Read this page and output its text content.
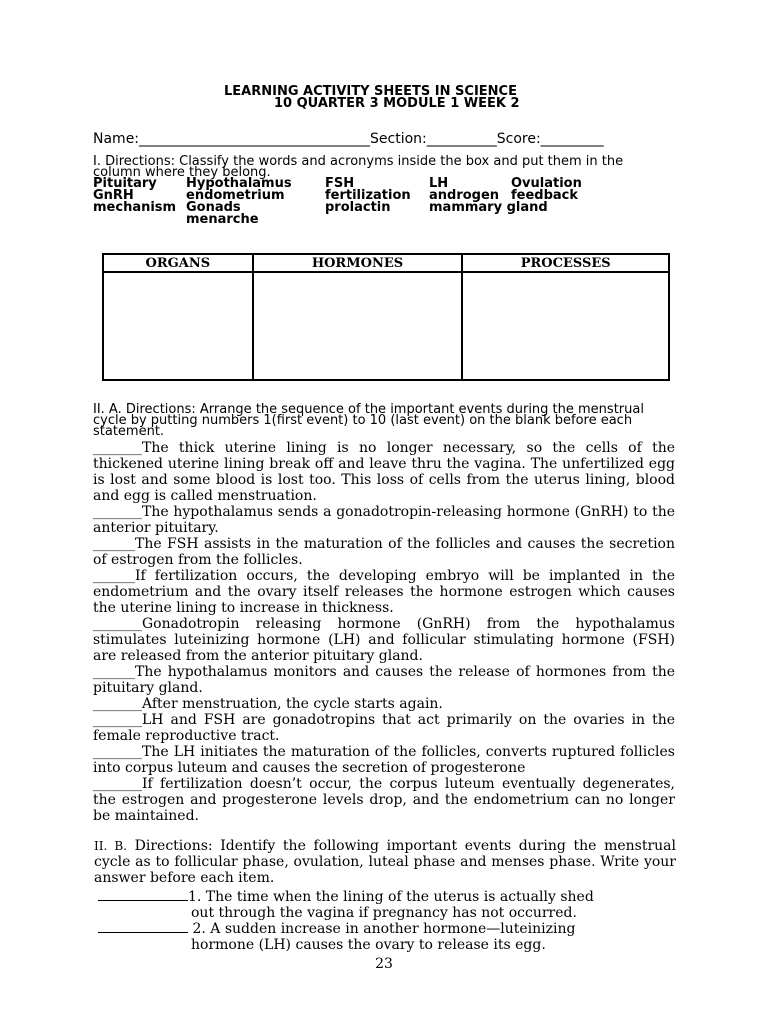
LEARNING ACTIVITY SHEETS IN SCIENCE
10 QUARTER 3 MODULE 1 WEEK 2
Name:_________________________________Section:__________Score:_________
I. Directions: Classify the words and acronyms inside the box and put them in the column where they belong.
Pituitary Hypothalamus	FSH	LH	Ovulation
GnRH	endometrium	fertilization androgen feedback
mechanism Gonads	prolactin	mammary gland
menarche
ORGANS	HORMONES	PROCESSES

II. A. Directions: Arrange the sequence of the important events during the menstrual cycle by putting numbers 1(first event) to 10 (last event) on the blank before each statement.

_______The thick uterine lining is no longer necessary, so the cells of the thickened uterine lining break off and leave thru the vagina. The unfertilized egg is lost and some blood is lost too. This loss of cells from the uterus lining, blood and egg is called menstruation.

_______The hypothalamus sends a gonadotropin-releasing hormone (GnRH) to the anterior pituitary.

______The FSH assists in the maturation of the follicles and causes the secretion of estrogen from the follicles.

______If fertilization occurs, the developing embryo will be implanted in the endometrium and the ovary itself releases the hormone estrogen which causes the uterine lining to increase in thickness.

_______Gonadotropin releasing hormone (GnRH) from the hypothalamus stimulates luteinizing hormone (LH) and follicular stimulating hormone (FSH) are released from the anterior pituitary gland.

______The hypothalamus monitors and causes the release of hormones from the pituitary gland.

_______After menstruation, the cycle starts again.

_______LH and FSH are gonadotropins that act primarily on the ovaries in the female reproductive tract.

_______The LH initiates the maturation of the follicles, converts ruptured follicles into corpus luteum and causes the secretion of progesterone

_______If fertilization doesn’t occur, the corpus luteum eventually degenerates, the estrogen and progesterone levels drop, and the endometrium can no longer be maintained.

II. B. Directions: Identify the following important events during the menstrual cycle as to follicular phase, ovulation, luteal phase and menses phase. Write your answer before each item.
1. The time when the lining of the uterus is actually shed
out through the vagina if pregnancy has not occurred.
2. A sudden increase in another hormone—luteinizing
hormone (LH) causes the ovary to release its egg.
23
